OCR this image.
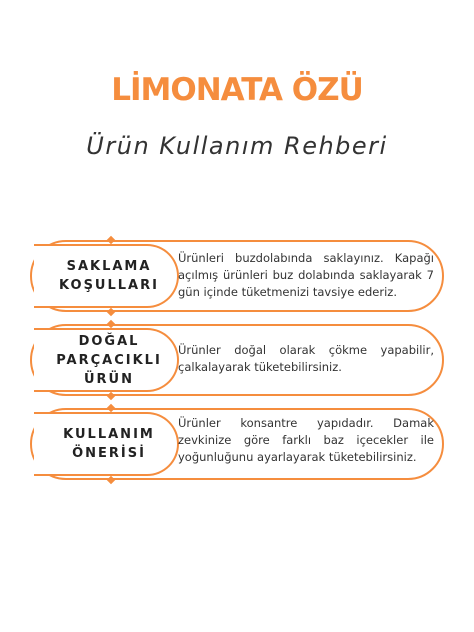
LİMONATA ÖZÜ
Ürün Kullanım Rehberi
SAKLAMA
KOŞULLARI
Ürünleri buzdolabında saklayınız. Kapağı açılmış ürünleri buz dolabında saklayarak 7 gün içinde tüketmenizi tavsiye ederiz.
DOĞAL
PARÇACIKLI
ÜRÜN
Ürünler doğal olarak çökme yapabilir, çalkalayarak tüketebilirsiniz.
KULLANIM
ÖNERİSİ
Ürünler konsantre yapıdadır. Damak zevkinize göre farklı baz içecekler ile yoğunluğunu ayarlayarak tüketebilirsiniz.
